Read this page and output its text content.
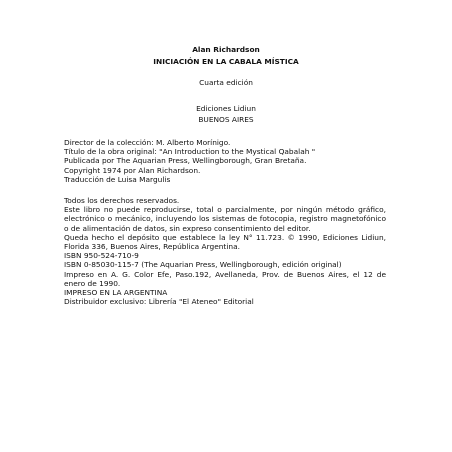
Alan Richardson
INICIACIÓN EN LA CABALA MÍSTICA
Cuarta edición
Ediciones Lidiun
BUENOS AIRES

Director de la colección: M. Alberto Morínigo.

Título de la obra original: "An Introduction to the Mystical Qabalah "

Publicada por The Aquarian Press, Wellingborough, Gran Bretaña.

Copyright 1974 por Alan Richardson.

Traducción de Luisa Margulis

Todos los derechos reservados.

Este libro no puede reproducirse, total o parcialmente, por ningún método gráfico, electrónico o mecánico, incluyendo los sistemas de fotocopia, registro magnetofónico o de alimentación de datos, sin expreso consentimiento del editor.

Queda hecho el depósito que establece la ley N° 11.723. © 1990, Ediciones Lidiun, Florida 336, Buenos Aires, República Argentina.

ISBN 950-524-710-9

ISBN 0-85030-115-7 (The Aquarian Press, Wellingborough, edición original)

Impreso en A. G. Color Efe, Paso.192, Avellaneda, Prov. de Buenos Aires, el 12 de enero de 1990.

IMPRESO EN LA ARGENTINA

Distribuidor exclusivo: Librería "El Ateneo" Editorial
